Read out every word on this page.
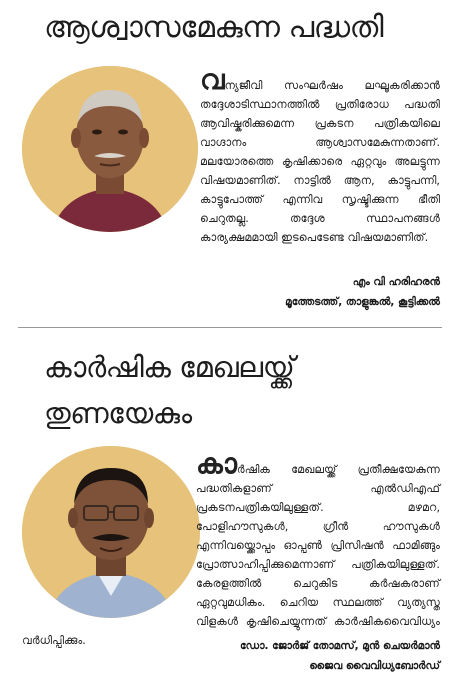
ആശ്വാസമേകുന്ന പദ്ധതി

വന്യജീവി സംഘർഷം ലഘൂകരിക്കാൻ തദ്ദേശാടിസ്ഥാനത്തിൽ പ്രതിരോധ പദ്ധതി ആവിഷ്കരിക്കുമെന്ന പ്രകടന പത്രികയിലെ വാഗ്ദാനം ആശ്വാസമേകുന്നതാണ്. മലയോരത്തെ കൃഷിക്കാരെ ഏറ്റവും അലട്ടുന്ന വിഷയമാണിത്. നാട്ടിൽ ആന, കാട്ടുപന്നി, കാട്ടുപോത്ത് എന്നിവ സൃഷ്ടിക്കുന്ന ഭീതി ചെറുതല്ല. തദ്ദേശ സ്ഥാപനങ്ങൾ കാര്യക്ഷമമായി ഇടപെടേണ്ട വിഷയമാണിത്.

എം വി ഹരിഹരൻ
മൂത്തേടത്ത്, താളുങ്കൽ, കൂട്ടിക്കൽ
കാർഷിക മേഖലയ്ക്ക് തുണയേകും

കാർഷിക മേഖലയ്ക്ക് പ്രതീക്ഷയേകുന്ന പദ്ധതികളാണ് എൽഡിഎഫ് പ്രകടനപത്രികയിലുള്ളത്. മഴമറ, പോളിഹൗസുകൾ, ഗ്രീൻ ഹൗസുകൾ എന്നിവയ്ക്കൊപ്പം ഓപ്പൺ പ്രിസിഷൻ ഫാമിങ്ങും പ്രോത്സാഹിപ്പിക്കുമെന്നാണ് പത്രികയിലുള്ളത്. കേരളത്തിൽ ചെറുകിട കർഷകരാണ് ഏറ്റവുമധികം. ചെറിയ സ്ഥലത്ത് വ്യത്യസ്ത വിളകൾ കൃഷിചെയ്യുന്നത് കാർഷികവൈവിധ്യം വർധിപ്പിക്കും.	ഡോ. ജോർജ് തോമസ്, മുൻ ചെയർമാൻ
ജൈവ വൈവിധ്യബോർഡ്
